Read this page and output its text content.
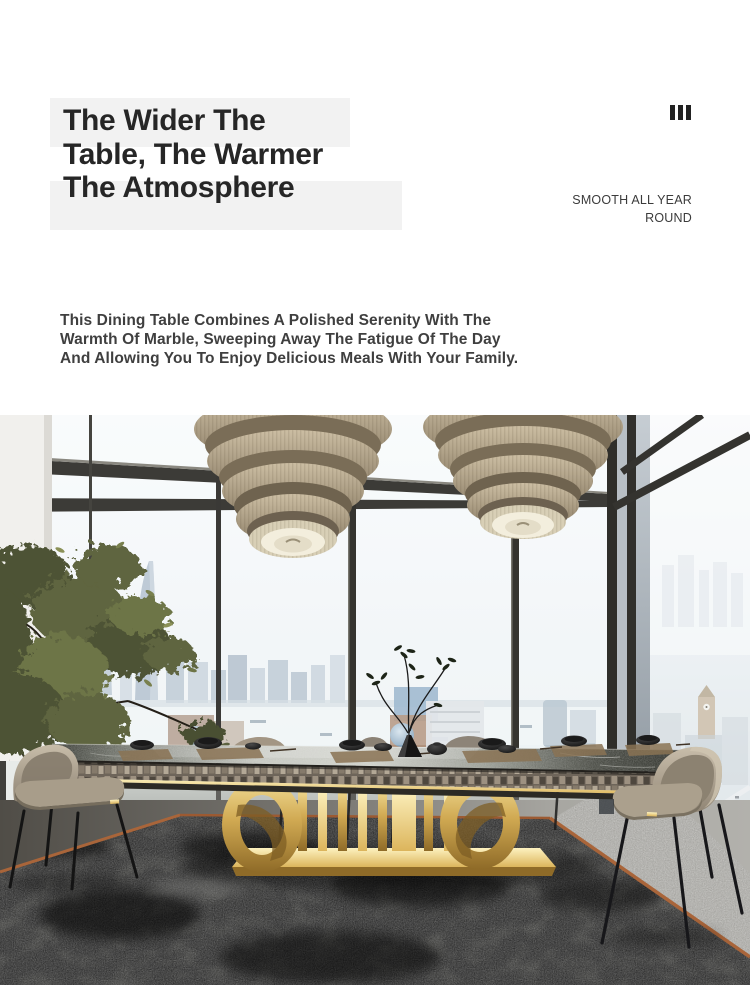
The Wider The
Table, The Warmer
The Atmosphere	SMOOTH ALL YEAR
ROUND
This Dining Table Combines A Polished Serenity With The
Warmth Of Marble, Sweeping Away The Fatigue Of The Day
And Allowing You To Enjoy Delicious Meals With Your Family.
